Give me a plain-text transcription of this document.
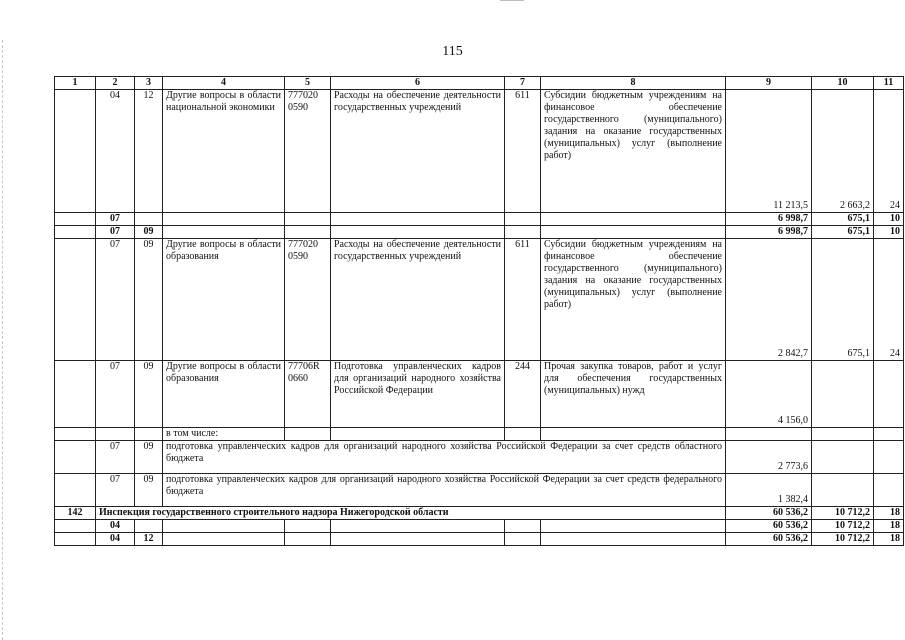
115
1	2	3	4	5	6	7	8	9	10	11
	04	12	Другие вопросы в области национальной экономики	777020 0590	Расходы на обеспечение деятельности государственных учреждений	611	Субсидии бюджетным учреждениям на финансовое обеспечение государственного (муниципального) задания на оказание государственных (муниципальных) услуг (выполнение работ)	11 213,5	2 663,2	24
	07							6 998,7	675,1	10
	07	09						6 998,7	675,1	10
	07	09	Другие вопросы в области образования	777020 0590	Расходы на обеспечение деятельности государственных учреждений	611	Субсидии бюджетным учреждениям на финансовое обеспечение государственного (муниципального) задания на оказание государственных (муниципальных) услуг (выполнение работ)	2 842,7	675,1	24
	07	09	Другие вопросы в области образования	77706R 0660	Подготовка управленческих кадров для организаций народного хозяйства Российской Федерации	244	Прочая закупка товаров, работ и услуг для обеспечения государственных (муниципальных) нужд	4 156,0		
			в том числе:							
	07	09	подготовка управленческих кадров для организаций народного хозяйства Российской Федерации за счет средств областного бюджета					2 773,6		
	07	09	подготовка управленческих кадров для организаций народного хозяйства Российской Федерации за счет средств федерального бюджета					1 382,4		
142	Инспекция государственного строительного надзора Нижегородской области							60 536,2	10 712,2	18
	04							60 536,2	10 712,2	18
	04	12						60 536,2	10 712,2	18
